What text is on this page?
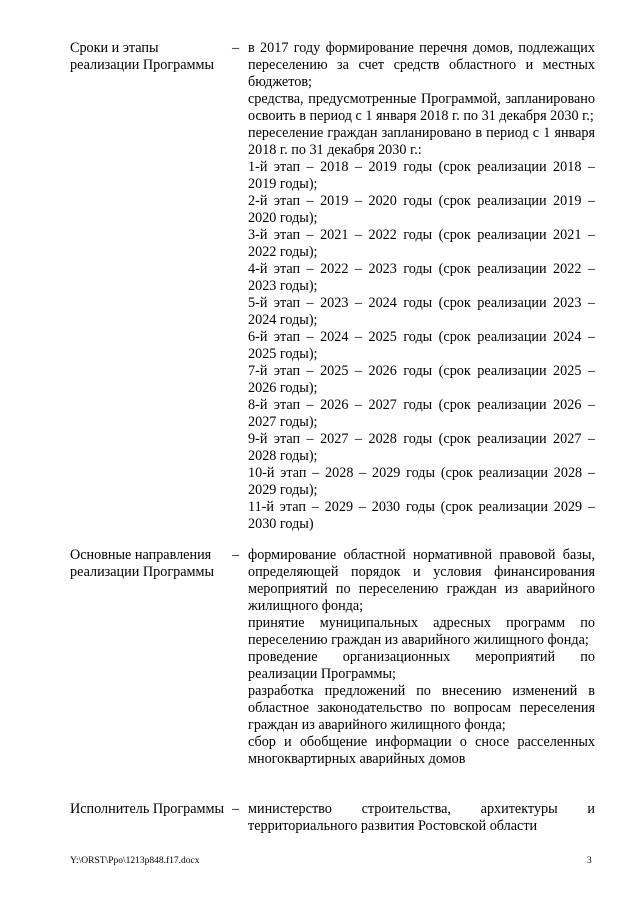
Сроки и этапы реализации Программы
– в 2017 году формирование перечня домов, подлежащих переселению за счет средств областного и местных бюджетов;
средства, предусмотренные Программой, запланировано освоить в период с 1 января 2018 г. по 31 декабря 2030 г.;
переселение граждан запланировано в период с 1 января 2018 г. по 31 декабря 2030 г.:
1-й этап – 2018 – 2019 годы (срок реализации 2018 – 2019 годы);
2-й этап – 2019 – 2020 годы (срок реализации 2019 – 2020 годы);
3-й этап – 2021 – 2022 годы (срок реализации 2021 – 2022 годы);
4-й этап – 2022 – 2023 годы (срок реализации 2022 – 2023 годы);
5-й этап – 2023 – 2024 годы (срок реализации 2023 – 2024 годы);
6-й этап – 2024 – 2025 годы (срок реализации 2024 – 2025 годы);
7-й этап – 2025 – 2026 годы (срок реализации 2025 – 2026 годы);
8-й этап – 2026 – 2027 годы (срок реализации 2026 – 2027 годы);
9-й этап – 2027 – 2028 годы (срок реализации 2027 – 2028 годы);
10-й этап – 2028 – 2029 годы (срок реализации 2028 – 2029 годы);
11-й этап – 2029 – 2030 годы (срок реализации 2029 – 2030 годы)
Основные направления реализации Программы
– формирование областной нормативной правовой базы, определяющей порядок и условия финансирования мероприятий по переселению граждан из аварийного жилищного фонда;
принятие муниципальных адресных программ по переселению граждан из аварийного жилищного фонда;
проведение организационных мероприятий по реализации Программы;
разработка предложений по внесению изменений в областное законодательство по вопросам переселения граждан из аварийного жилищного фонда;
сбор и обобщение информации о сносе расселенных многоквартирных аварийных домов
Исполнитель Программы – министерство строительства, архитектуры и территориального развития Ростовской области
Y:\ORST\Ppo\1213p848.f17.docx	3
